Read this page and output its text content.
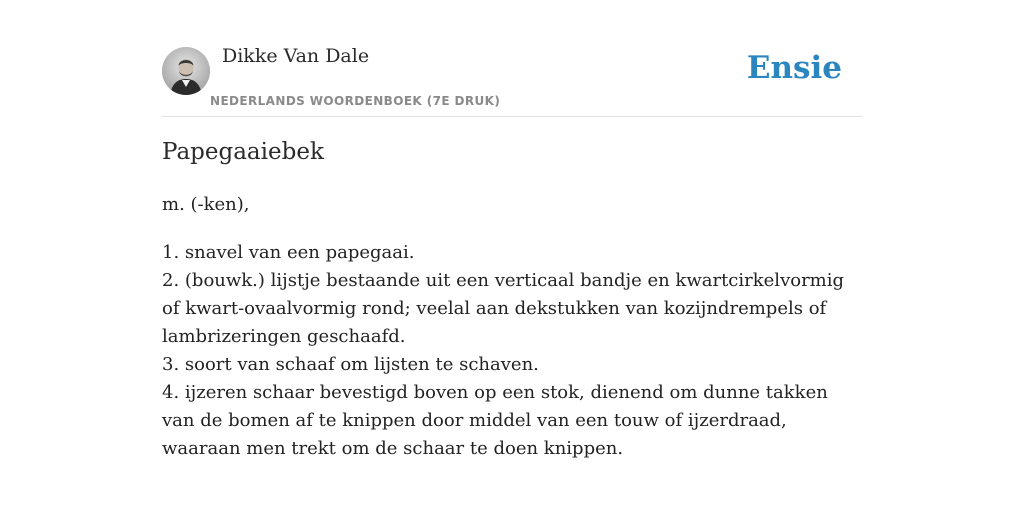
Dikke Van Dale
NEDERLANDS WOORDENBOEK (7E DRUK)
Ensie
Papegaaiebek
m. (-ken),
1. snavel van een papegaai.
2. (bouwk.) lijstje bestaande uit een verticaal bandje en kwartcirkelvormig of kwart-ovaalvormig rond; veelal aan dekstukken van kozijndrempels of lambrizeringen geschaafd.
3. soort van schaaf om lijsten te schaven.
4. ijzeren schaar bevestigd boven op een stok, dienend om dunne takken van de bomen af te knippen door middel van een touw of ijzerdraad, waaraan men trekt om de schaar te doen knippen.
